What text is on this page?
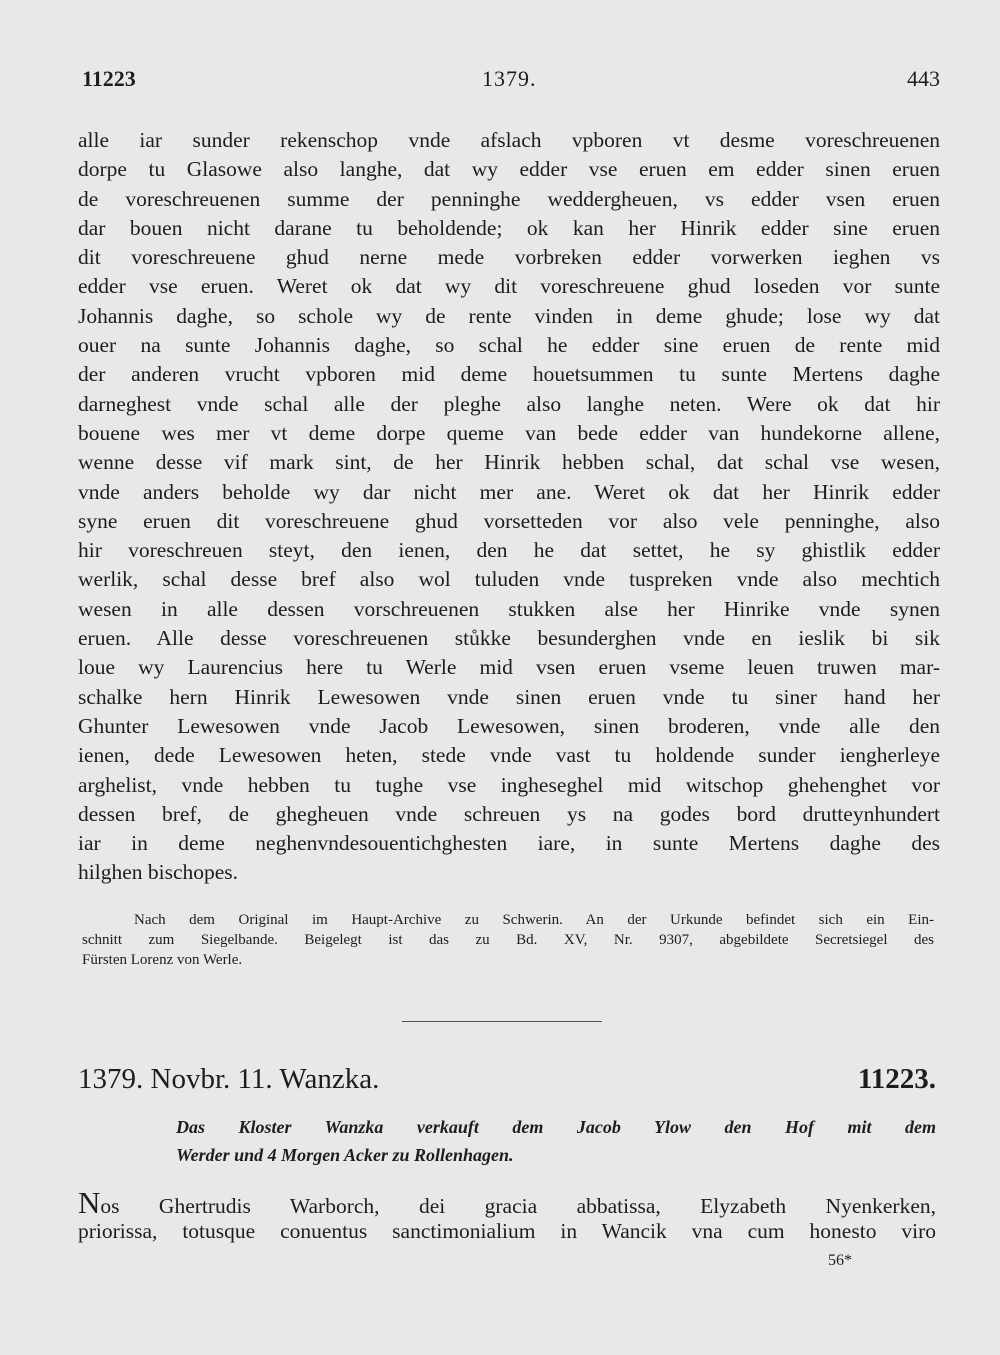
11223	1379.	443
alle iar sunder rekenschop vnde afslach vpboren vt desme voreschreuenen
dorpe tu Glasowe also langhe, dat wy edder vse eruen em edder sinen eruen
de voreschreuenen summe der penninghe weddergheuen, vs edder vsen eruen
dar bouen nicht darane tu beholdende; ok kan her Hinrik edder sine eruen
dit voreschreuene ghud nerne mede vorbreken edder vorwerken ieghen vs
edder vse eruen. Weret ok dat wy dit voreschreuene ghud loseden vor sunte
Johannis daghe, so schole wy de rente vinden in deme ghude; lose wy dat
ouer na sunte Johannis daghe, so schal he edder sine eruen de rente mid
der anderen vrucht vpboren mid deme houetsummen tu sunte Mertens daghe
darneghest vnde schal alle der pleghe also langhe neten. Were ok dat hir
bouene wes mer vt deme dorpe queme van bede edder van hundekorne allene,
wenne desse vif mark sint, de her Hinrik hebben schal, dat schal vse wesen,
vnde anders beholde wy dar nicht mer ane. Weret ok dat her Hinrik edder
syne eruen dit voreschreuene ghud vorsetteden vor also vele penninghe, also
hir voreschreuen steyt, den ienen, den he dat settet, he sy ghistlik edder
werlik, schal desse bref also wol tuluden vnde tuspreken vnde also mechtich
wesen in alle dessen vorschreuenen stukken alse her Hinrike vnde synen
eruen. Alle desse voreschreuenen stůkke besunderghen vnde en ieslik bi sik
loue wy Laurencius here tu Werle mid vsen eruen vseme leuen truwen mar-
schalke hern Hinrik Lewesowen vnde sinen eruen vnde tu siner hand her
Ghunter Lewesowen vnde Jacob Lewesowen, sinen broderen, vnde alle den
ienen, dede Lewesowen heten, stede vnde vast tu holdende sunder iengherleye
arghelist, vnde hebben tu tughe vse ingheseghel mid witschop ghehenghet vor
dessen bref, de ghegheuen vnde schreuen ys na godes bord drutteynhundert
iar in deme neghenvndesouentichghesten iare, in sunte Mertens daghe des
hilghen bischopes.
Nach dem Original im Haupt-Archive zu Schwerin. An der Urkunde befindet sich ein Ein-
schnitt zum Siegelbande. Beigelegt ist das zu Bd. XV, Nr. 9307, abgebildete Secretsiegel des
Fürsten Lorenz von Werle.
1379. Novbr. 11. Wanzka.	11223.
Das Kloster Wanzka verkauft dem Jacob Ylow den Hof mit dem
Werder und 4 Morgen Acker zu Rollenhagen.
Nos Ghertrudis Warborch, dei gracia abbatissa, Elyzabeth Nyenkerken,
priorissa, totusque conuentus sanctimonialium in Wancik vna cum honesto viro
56*
